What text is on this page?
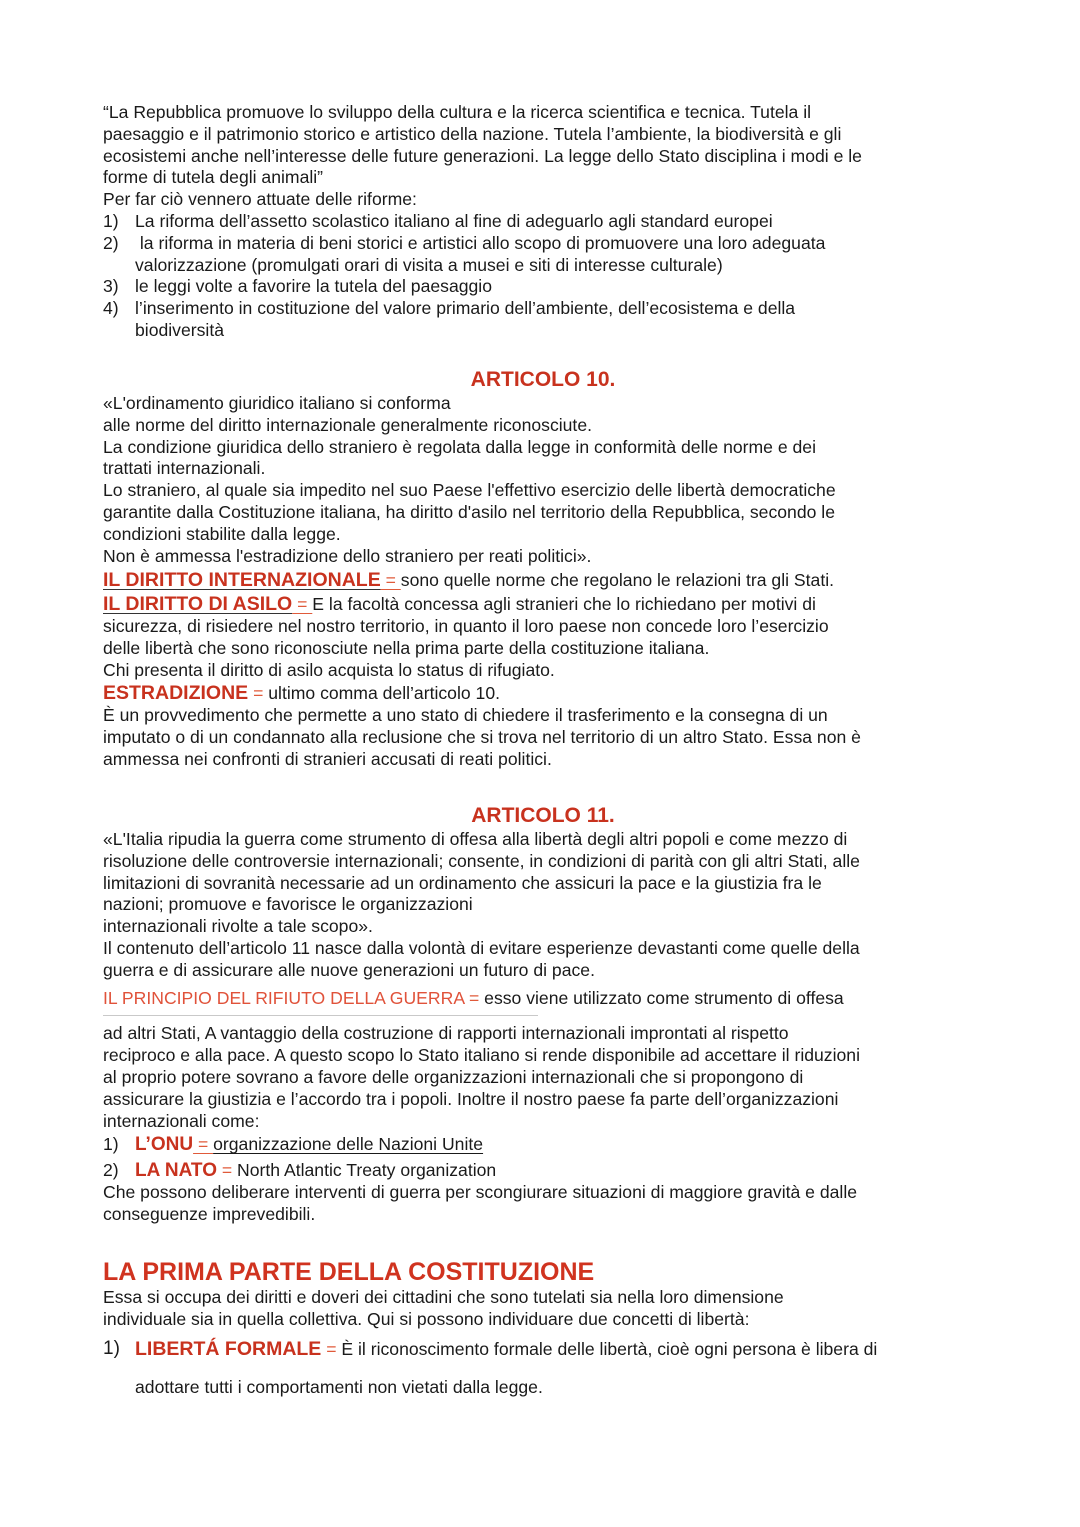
“La Repubblica promuove lo sviluppo della cultura e la ricerca scientifica e tecnica. Tutela il

paesaggio e il patrimonio storico e artistico della nazione. Tutela l’ambiente, la biodiversità e gli

ecosistemi anche nell’interesse delle future generazioni. La legge dello Stato disciplina i modi e le

forme di tutela degli animali”

Per far ciò vennero attuate delle riforme:

1) La riforma dell’assetto scolastico italiano al fine di adeguarlo agli standard europei
2) la riforma in materia di beni storici e artistici allo scopo di promuovere una loro adeguata
valorizzazione (promulgati orari di visita a musei e siti di interesse culturale)
3) le leggi volte a favorire la tutela del paesaggio
4) l’inserimento in costituzione del valore primario dell’ambiente, dell’ecosistema e della
biodiversità
ARTICOLO 10.

«L'ordinamento giuridico italiano si conforma

alle norme del diritto internazionale generalmente riconosciute.

La condizione giuridica dello straniero è regolata dalla legge in conformità delle norme e dei

trattati internazionali.

Lo straniero, al quale sia impedito nel suo Paese l'effettivo esercizio delle libertà democratiche

garantite dalla Costituzione italiana, ha diritto d'asilo nel territorio della Repubblica, secondo le

condizioni stabilite dalla legge.

Non è ammessa l'estradizione dello straniero per reati politici».

IL DIRITTO INTERNAZIONALE = sono quelle norme che regolano le relazioni tra gli Stati.

IL DIRITTO DI ASILO = E la facoltà concessa agli stranieri che lo richiedano per motivi di

sicurezza, di risiedere nel nostro territorio, in quanto il loro paese non concede loro l’esercizio

delle libertà che sono riconosciute nella prima parte della costituzione italiana.

Chi presenta il diritto di asilo acquista lo status di rifugiato.

ESTRADIZIONE = ultimo comma dell’articolo 10.

È un provvedimento che permette a uno stato di chiedere il trasferimento e la consegna di un

imputato o di un condannato alla reclusione che si trova nel territorio di un altro Stato. Essa non è

ammessa nei confronti di stranieri accusati di reati politici.

ARTICOLO 11.

«L'Italia ripudia la guerra come strumento di offesa alla libertà degli altri popoli e come mezzo di

risoluzione delle controversie internazionali; consente, in condizioni di parità con gli altri Stati, alle

limitazioni di sovranità necessarie ad un ordinamento che assicuri la pace e la giustizia fra le

nazioni; promuove e favorisce le organizzazioni

internazionali rivolte a tale scopo».

Il contenuto dell’articolo 11 nasce dalla volontà di evitare esperienze devastanti come quelle della

guerra e di assicurare alle nuove generazioni un futuro di pace.

IL PRINCIPIO DEL RIFIUTO DELLA GUERRA = esso viene utilizzato come strumento di offesa

ad altri Stati, A vantaggio della costruzione di rapporti internazionali improntati al rispetto

reciproco e alla pace. A questo scopo lo Stato italiano si rende disponibile ad accettare il riduzioni

al proprio potere sovrano a favore delle organizzazioni internazionali che si propongono di

assicurare la giustizia e l’accordo tra i popoli. Inoltre il nostro paese fa parte dell’organizzazioni

internazionali come:

1) L’ONU = organizzazione delle Nazioni Unite
2) LA NATO = North Atlantic Treaty organization

Che possono deliberare interventi di guerra per scongiurare situazioni di maggiore gravità e dalle

conseguenze imprevedibili.

LA PRIMA PARTE DELLA COSTITUZIONE

Essa si occupa dei diritti e doveri dei cittadini che sono tutelati sia nella loro dimensione

individuale sia in quella collettiva. Qui si possono individuare due concetti di libertà:

1) LIBERTÁ FORMALE = È il riconoscimento formale delle libertà, cioè ogni persona è libera di
adottare tutti i comportamenti non vietati dalla legge.
